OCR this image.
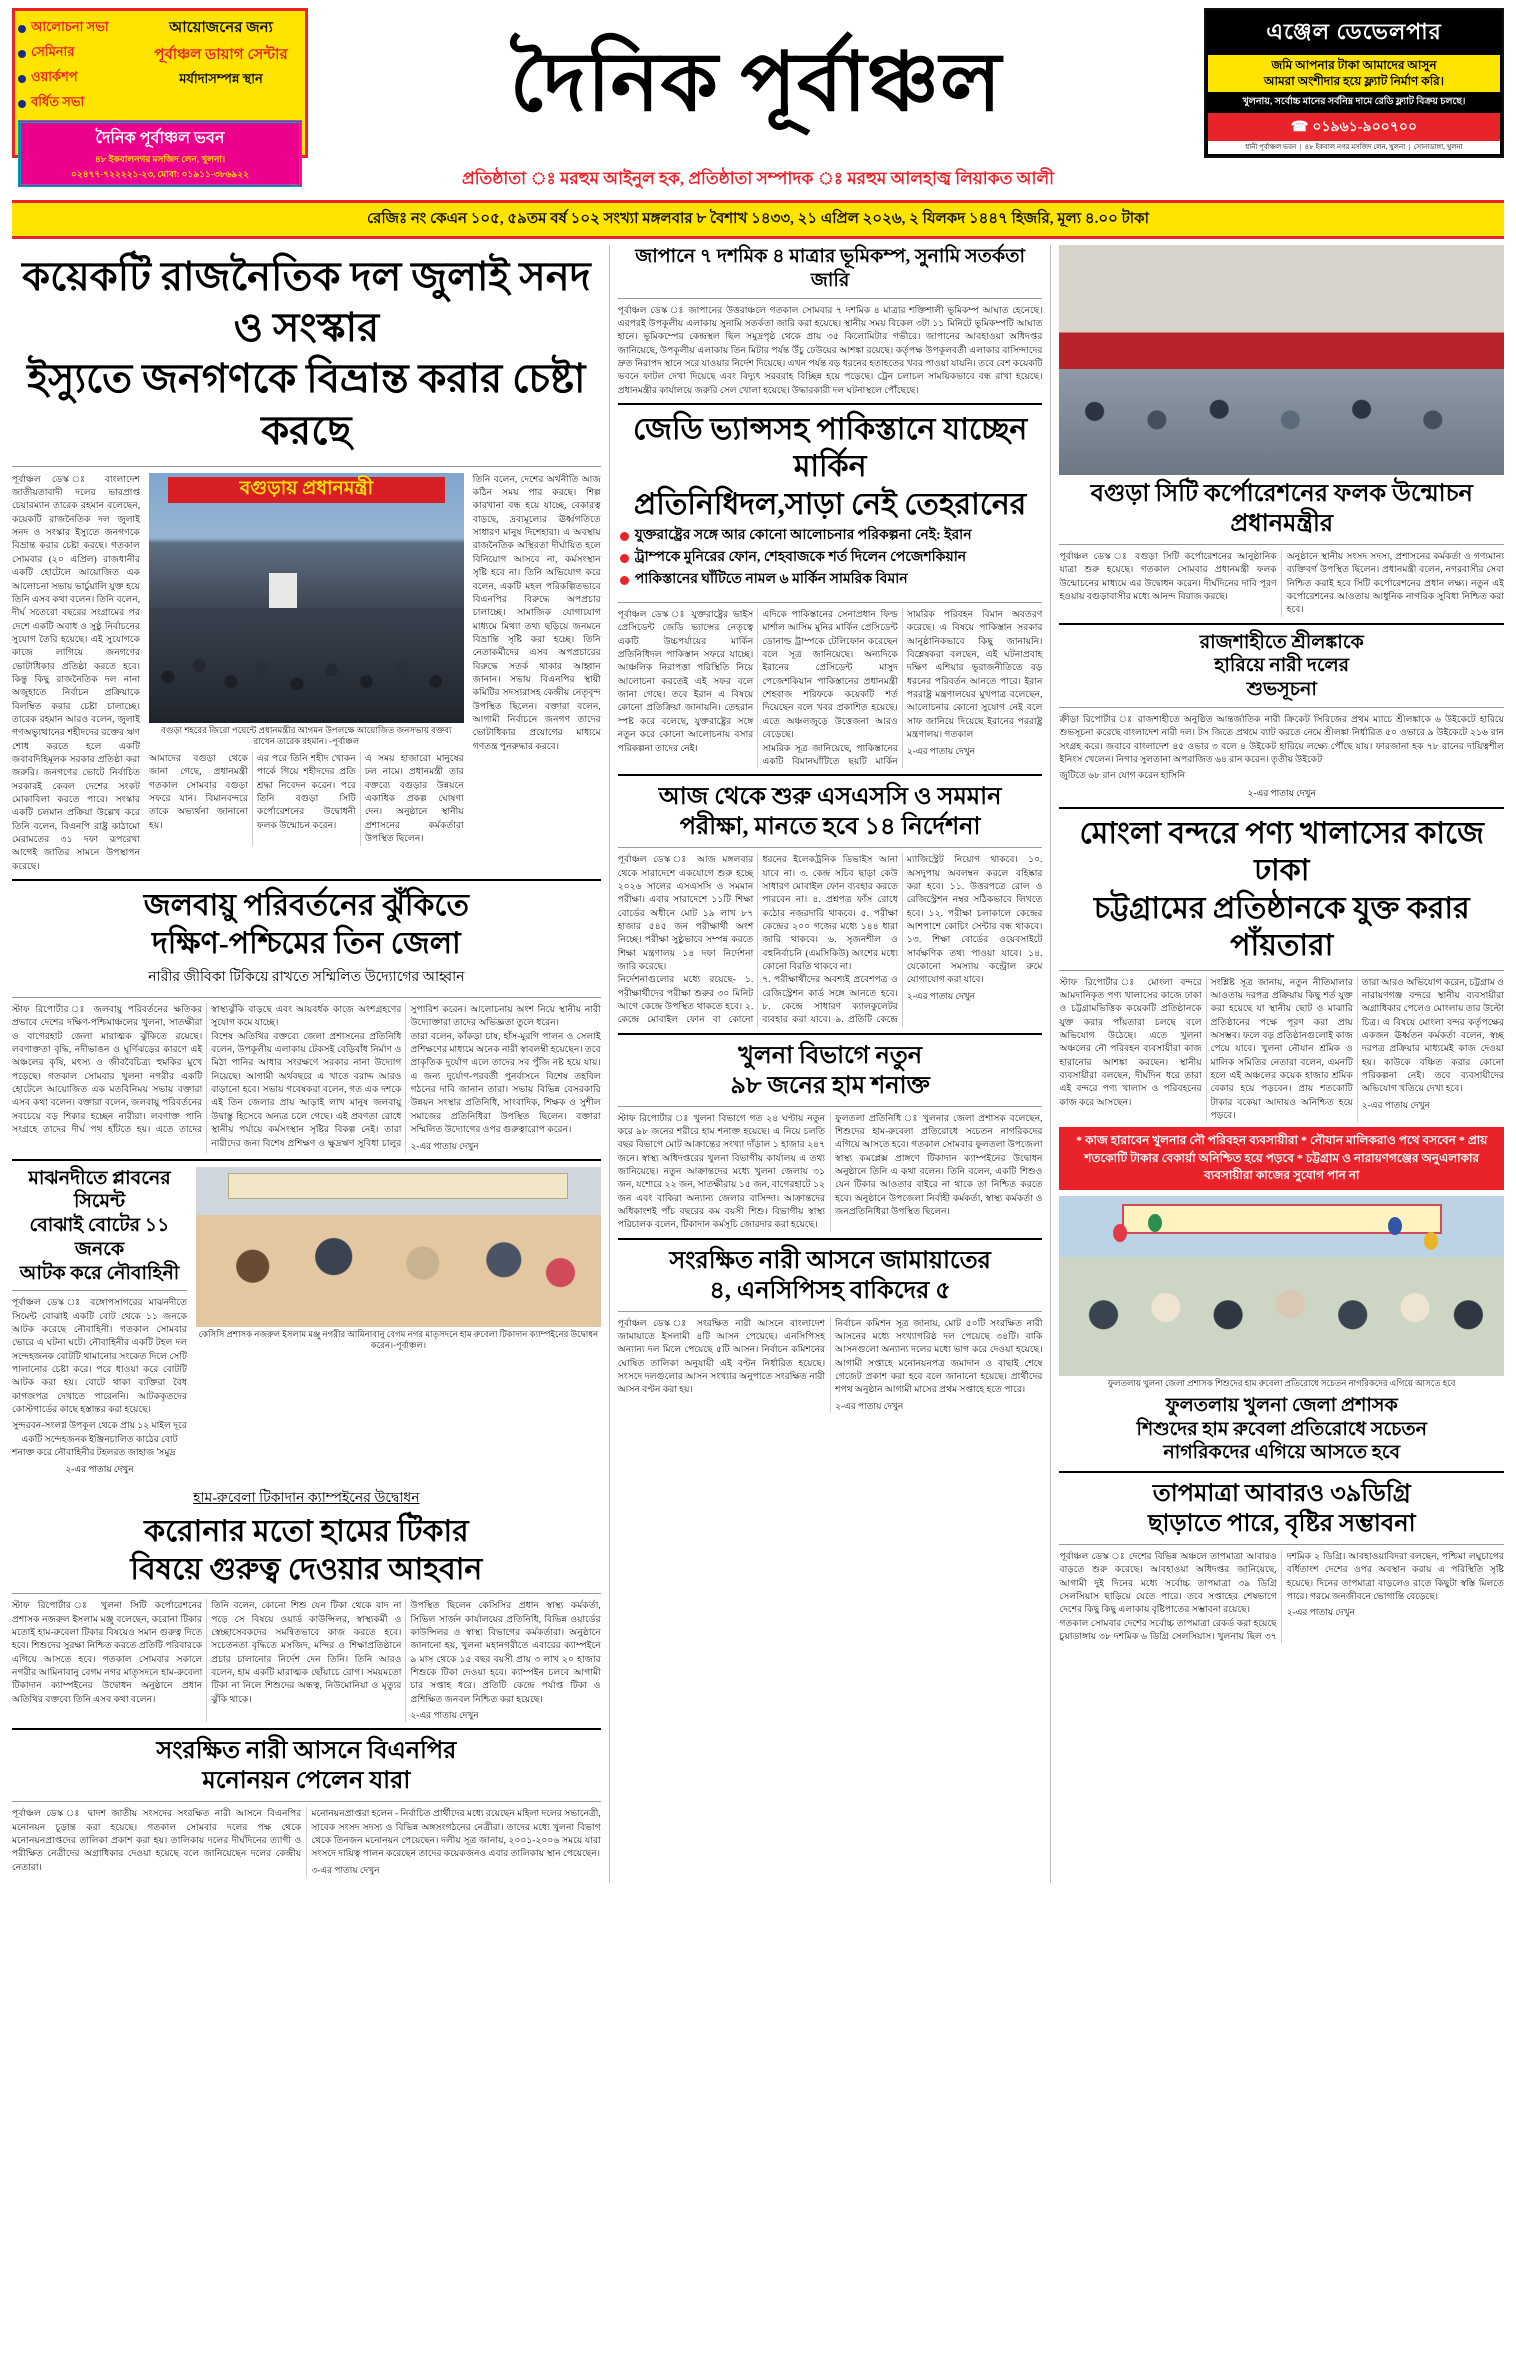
আলোচনা সভা
সেমিনার
ওয়ার্কশপ
বর্ধিত সভা
আয়োজনের জন্য
পূর্বাঞ্চল ডায়াগ সেন্টার
মর্যাদাসম্পন্ন স্থান
দৈনিক পূর্বাঞ্চল ভবন
৪৮ ইকবালনগর মসজিদ লেন, খুলনা।
০২৪৭৭-৭২২২২১-২৩, মোবা: ০১৯১১-৩৮৬৯২২
দৈনিক পূর্বাঞ্চল
এঞ্জেল ডেভেলপার
জমি আপনার টাকা আমাদের আসুন
আমরা অংশীদার হয়ে ফ্ল্যাট নির্মাণ করি।
খুলনায়, সর্বোচ্চ মানের সর্বনিম্ন দামে রেডি ফ্ল্যাট বিক্রয় চলছে।
☎ ০১৯৬১-৯০০৭০০
ধানী পূর্বাঞ্চল ভবন  |  ৪৮ ইকবাল নগর মসজিদ লেন, খুলনা  |  সোনাডাঙ্গা, খুলনা
প্রতিষ্ঠাতা ঃ মরহুম আইনুল হক, প্রতিষ্ঠাতা সম্পাদক ঃ মরহুম আলহাজ্ব লিয়াকত আলী
রেজিঃ নং কেএন ১০৫, ৫৯তম বর্ষ ১০২ সংখ্যা মঙ্গলবার ৮ বৈশাখ ১৪৩৩, ২১ এপ্রিল ২০২৬, ২ যিলকদ ১৪৪৭ হিজরি, মূল্য ৪.০০ টাকা
কয়েকটি রাজনৈতিক দল জুলাই সনদ ও সংস্কার
ইস্যুতে জনগণকে বিভ্রান্ত করার চেষ্টা করছে
পূর্বাঞ্চল ডেস্ক ঃ বাংলাদেশ জাতীয়তাবাদী দলের ভারপ্রাপ্ত চেয়ারম্যান তারেক রহমান বলেছেন, কয়েকটি রাজনৈতিক দল জুলাই সনদ ও সংস্কার ইস্যুতে জনগণকে বিভ্রান্ত করার চেষ্টা করছে। গতকাল সোমবার (২০ এপ্রিল) রাজধানীর একটি হোটেলে আয়োজিত এক আলোচনা সভায় ভার্চুয়ালি যুক্ত হয়ে তিনি এসব কথা বলেন। তিনি বলেন, দীর্ঘ সতেরো বছরের সংগ্রামের পর দেশে একটি অবাধ ও সুষ্ঠু নির্বাচনের সুযোগ তৈরি হয়েছে। এই সুযোগকে কাজে লাগিয়ে জনগণের ভোটাধিকার প্রতিষ্ঠা করতে হবে। কিন্তু কিছু রাজনৈতিক দল নানা অজুহাতে নির্বাচন প্রক্রিয়াকে বিলম্বিত করার চেষ্টা চালাচ্ছে। তারেক রহমান আরও বলেন, জুলাই গণঅভ্যুত্থানের শহীদদের রক্তের ঋণ শোধ করতে হলে একটি জবাবদিহিমূলক সরকার প্রতিষ্ঠা করা জরুরি। জনগণের ভোটে নির্বাচিত সরকারই কেবল দেশের সংকট মোকাবিলা করতে পারে। সংস্কার একটি চলমান প্রক্রিয়া উল্লেখ করে তিনি বলেন, বিএনপি রাষ্ট্র কাঠামো মেরামতের ৩১ দফা রূপরেখা আগেই জাতির সামনে উপস্থাপন করেছে।
বগুড়ায় প্রধানমন্ত্রী
বগুড়া শহরের জিরো পয়েন্টে প্রধানমন্ত্রীর আগমন উপলক্ষে আয়োজিত জনসভায় বক্তব্য রাখেন তারেক রহমান। -পূর্বাঞ্চল
আমাদের বগুড়া থেকে জানা গেছে, প্রধানমন্ত্রী গতকাল সোমবার বগুড়া সফরে যান। বিমানবন্দরে তাকে অভ্যর্থনা জানানো হয়।
এর পরে তিনি শহীদ খোকন পার্কে গিয়ে শহীদদের প্রতি শ্রদ্ধা নিবেদন করেন। পরে তিনি বগুড়া সিটি কর্পোরেশনের উদ্বোধনী ফলক উন্মোচন করেন।
এ সময় হাজারো মানুষের ঢল নামে। প্রধানমন্ত্রী তার বক্তব্যে বগুড়ার উন্নয়নে একাধিক প্রকল্প ঘোষণা দেন। অনুষ্ঠানে স্থানীয় প্রশাসনের কর্মকর্তারা উপস্থিত ছিলেন।
তিনি বলেন, দেশের অর্থনীতি আজ কঠিন সময় পার করছে। শিল্প কারখানা বন্ধ হয়ে যাচ্ছে, বেকারত্ব বাড়ছে, দ্রব্যমূল্যের ঊর্ধ্বগতিতে সাধারণ মানুষ দিশেহারা। এ অবস্থায় রাজনৈতিক অস্থিরতা দীর্ঘায়িত হলে বিনিয়োগ আসবে না, কর্মসংস্থান সৃষ্টি হবে না। তিনি অভিযোগ করে বলেন, একটি মহল পরিকল্পিতভাবে বিএনপির বিরুদ্ধে অপপ্রচার চালাচ্ছে। সামাজিক যোগাযোগ মাধ্যমে মিথ্যা তথ্য ছড়িয়ে জনমনে বিভ্রান্তি সৃষ্টি করা হচ্ছে। তিনি নেতাকর্মীদের এসব অপপ্রচারের বিরুদ্ধে সতর্ক থাকার আহ্বান জানান। সভায় বিএনপির স্থায়ী কমিটির সদস্যরাসহ কেন্দ্রীয় নেতৃবৃন্দ উপস্থিত ছিলেন। বক্তারা বলেন, আগামী নির্বাচনে জনগণ তাদের ভোটাধিকার প্রয়োগের মাধ্যমে গণতন্ত্র পুনরুদ্ধার করবে।
জলবায়ু পরিবর্তনের ঝুঁকিতে
দক্ষিণ-পশ্চিমের তিন জেলা
নারীর জীবিকা টিকিয়ে রাখতে সম্মিলিত উদ্যোগের আহ্বান
স্টাফ রিপোর্টার ঃ জলবায়ু পরিবর্তনের ক্ষতিকর প্রভাবে দেশের দক্ষিণ-পশ্চিমাঞ্চলের খুলনা, সাতক্ষীরা ও বাগেরহাট জেলা মারাত্মক ঝুঁকিতে রয়েছে। লবণাক্ততা বৃদ্ধি, নদীভাঙন ও ঘূর্ণিঝড়ের কারণে এই অঞ্চলের কৃষি, মৎস্য ও জীববৈচিত্র্য হুমকির মুখে পড়েছে। গতকাল সোমবার খুলনা নগরীর একটি হোটেলে আয়োজিত এক মতবিনিময় সভায় বক্তারা এসব কথা বলেন। বক্তারা বলেন, জলবায়ু পরিবর্তনের সবচেয়ে বড় শিকার হচ্ছেন নারীরা। লবণাক্ত পানি সংগ্রহে তাদের দীর্ঘ পথ হাঁটতে হয়। এতে তাদের স্বাস্থ্যঝুঁকি বাড়ছে এবং আয়বর্ধক কাজে অংশগ্রহণের সুযোগ কমে যাচ্ছে।
বিশেষ অতিথির বক্তব্যে জেলা প্রশাসনের প্রতিনিধি বলেন, উপকূলীয় এলাকায় টেকসই বেড়িবাঁধ নির্মাণ ও মিঠা পানির আধার সংরক্ষণে সরকার নানা উদ্যোগ নিয়েছে। আগামী অর্থবছরে এ খাতে বরাদ্দ আরও বাড়ানো হবে। সভায় গবেষকরা বলেন, গত এক দশকে এই তিন জেলার প্রায় আড়াই লাখ মানুষ জলবায়ু উদ্বাস্তু হিসেবে অন্যত্র চলে গেছে। এই প্রবণতা রোধে স্থানীয় পর্যায়ে কর্মসংস্থান সৃষ্টির বিকল্প নেই। তারা নারীদের জন্য বিশেষ প্রশিক্ষণ ও ক্ষুদ্রঋণ সুবিধা চালুর সুপারিশ করেন। আলোচনায় অংশ নিয়ে স্থানীয় নারী উদ্যোক্তারা তাদের অভিজ্ঞতা তুলে ধরেন।
তারা বলেন, কাঁকড়া চাষ, হাঁস-মুরগি পালন ও সেলাই প্রশিক্ষণের মাধ্যমে অনেক নারী স্বাবলম্বী হয়েছেন। তবে প্রাকৃতিক দুর্যোগ এলে তাদের সব পুঁজি নষ্ট হয়ে যায়। এ জন্য দুর্যোগ-পরবর্তী পুনর্বাসনে বিশেষ তহবিল গঠনের দাবি জানান তারা। সভায় বিভিন্ন বেসরকারি উন্নয়ন সংস্থার প্রতিনিধি, সাংবাদিক, শিক্ষক ও সুশীল সমাজের প্রতিনিধিরা উপস্থিত ছিলেন। বক্তারা সম্মিলিত উদ্যোগের ওপর গুরুত্বারোপ করেন।
২-এর পাতায় দেখুন
মাঝনদীতে প্লাবনের সিমেন্ট
বোঝাই বোটের ১১ জনকে
আটক করে নৌবাহিনী
পূর্বাঞ্চল ডেস্ক ঃ বঙ্গোপসাগরের মাঝনদীতে সিমেন্ট বোঝাই একটি বোট থেকে ১১ জনকে আটক করেছে নৌবাহিনী। গতকাল সোমবার ভোরে এ ঘটনা ঘটে। নৌবাহিনীর একটি টহল দল সন্দেহজনক বোটটি থামানোর সংকেত দিলে সেটি পালানোর চেষ্টা করে। পরে ধাওয়া করে বোটটি আটক করা হয়। বোটে থাকা ব্যক্তিরা বৈধ কাগজপত্র দেখাতে পারেননি। আটককৃতদের কোস্টগার্ডের কাছে হস্তান্তর করা হয়েছে।
সুন্দরবন-সংলগ্ন উপকূল থেকে প্রায় ১২ মাইল দূরে একটি সন্দেহজনক ইঞ্জিনচালিত কাঠের বোট শনাক্ত করে নৌবাহিনীর টহলরত জাহাজ 'সমুদ্র
২-এর পাতায় দেখুন
কেসিসি প্রশাসক নজরুল ইসলাম মঞ্জু নগরীর আমিনাবানু বেগম নগর মাতৃসদনে হাম রুবেলা টিকাদান ক্যাম্পইনের উদ্বোধন করেন।-পূর্বাঞ্চল।
হাম-রুবেলা টিকাদান ক্যাম্পইনের উদ্বোধন
করোনার মতো হামের টিকার
বিষয়ে গুরুত্ব দেওয়ার আহবান
স্টাফ রিপোর্টার ঃ খুলনা সিটি কর্পোরেশনের প্রশাসক নজরুল ইসলাম মঞ্জু বলেছেন, করোনা টিকার মতোই হাম-রুবেলা টিকার বিষয়েও সমান গুরুত্ব দিতে হবে। শিশুদের সুরক্ষা নিশ্চিত করতে প্রতিটি পরিবারকে এগিয়ে আসতে হবে। গতকাল সোমবার সকালে নগরীর আমিনাবানু বেগম নগর মাতৃসদনে হাম-রুবেলা টিকাদান ক্যাম্পইনের উদ্বোধন অনুষ্ঠানে প্রধান অতিথির বক্তব্যে তিনি এসব কথা বলেন।
তিনি বলেন, কোনো শিশু যেন টিকা থেকে বাদ না পড়ে সে বিষয়ে ওয়ার্ড কাউন্সিলর, স্বাস্থ্যকর্মী ও স্বেচ্ছাসেবকদের সমন্বিতভাবে কাজ করতে হবে। সচেতনতা বৃদ্ধিতে মসজিদ, মন্দির ও শিক্ষাপ্রতিষ্ঠানে প্রচার চালানোর নির্দেশ দেন তিনি। তিনি আরও বলেন, হাম একটি মারাত্মক ছোঁয়াচে রোগ। সময়মতো টিকা না নিলে শিশুদের অন্ধত্ব, নিউমোনিয়া ও মৃত্যুর ঝুঁকি থাকে।
উপস্থিত ছিলেন কেসিসির প্রধান স্বাস্থ্য কর্মকর্তা, সিভিল সার্জন কার্যালয়ের প্রতিনিধি, বিভিন্ন ওয়ার্ডের কাউন্সিলর ও স্বাস্থ্য বিভাগের কর্মকর্তারা। অনুষ্ঠানে জানানো হয়, খুলনা মহানগরীতে এবারের ক্যাম্পইনে ৯ মাস থেকে ১৫ বছর বয়সী প্রায় ৩ লাখ ২০ হাজার শিশুকে টিকা দেওয়া হবে। ক্যাম্পইন চলবে আগামী চার সপ্তাহ ধরে। প্রতিটি কেন্দ্রে পর্যাপ্ত টিকা ও প্রশিক্ষিত জনবল নিশ্চিত করা হয়েছে।
২-এর পাতায় দেখুন
সংরক্ষিত নারী আসনে বিএনপির
মনোনয়ন পেলেন যারা
পূর্বাঞ্চল ডেস্ক ঃ দ্বাদশ জাতীয় সংসদের সংরক্ষিত নারী আসনে বিএনপির মনোনয়ন চূড়ান্ত করা হয়েছে। গতকাল সোমবার দলের পক্ষ থেকে মনোনয়নপ্রাপ্তদের তালিকা প্রকাশ করা হয়। তালিকায় দলের দীর্ঘদিনের ত্যাগী ও পরীক্ষিত নেত্রীদের অগ্রাধিকার দেওয়া হয়েছে বলে জানিয়েছেন দলের কেন্দ্রীয় নেতারা।
মনোনয়নপ্রাপ্তরা হলেন - নির্বাচিত প্রার্থীদের মধ্যে রয়েছেন মহিলা দলের সভানেত্রী, সাবেক সংসদ সদস্য ও বিভিন্ন অঙ্গসংগঠনের নেত্রীরা। তাদের মধ্যে খুলনা বিভাগ থেকে তিনজন মনোনয়ন পেয়েছেন। দলীয় সূত্র জানায়, ২০০১-২০০৬ সময়ে যারা সংসদে দায়িত্ব পালন করেছেন তাদের কয়েকজনও এবার তালিকায় স্থান পেয়েছেন।
৩-এর পাতায় দেখুন
জাপানে ৭ দশমিক ৪ মাত্রার ভূমিকম্প, সুনামি সতর্কতা জারি
পূর্বাঞ্চল ডেস্ক ঃ জাপানের উত্তরাঞ্চলে গতকাল সোমবার ৭ দশমিক ৪ মাত্রার শক্তিশালী ভূমিকম্প আঘাত হেনেছে। এরপরই উপকূলীয় এলাকায় সুনামি সতর্কতা জারি করা হয়েছে। স্থানীয় সময় বিকেল ৩টা ১১ মিনিটে ভূমিকম্পটি আঘাত হানে। ভূমিকম্পের কেন্দ্রস্থল ছিল সমুদ্রপৃষ্ঠ থেকে প্রায় ৩৫ কিলোমিটার গভীরে। জাপানের আবহাওয়া অধিদপ্তর জানিয়েছে, উপকূলীয় এলাকায় তিন মিটার পর্যন্ত উঁচু ঢেউয়ের আশঙ্কা রয়েছে। কর্তৃপক্ষ উপকূলবর্তী এলাকার বাসিন্দাদের দ্রুত নিরাপদ স্থানে সরে যাওয়ার নির্দেশ দিয়েছে। এখন পর্যন্ত বড় ধরনের হতাহতের খবর পাওয়া যায়নি। তবে বেশ কয়েকটি ভবনে ফাটল দেখা দিয়েছে এবং বিদ্যুৎ সরবরাহ বিচ্ছিন্ন হয়ে পড়েছে। ট্রেন চলাচল সাময়িকভাবে বন্ধ রাখা হয়েছে। প্রধানমন্ত্রীর কার্যালয়ে জরুরি সেল খোলা হয়েছে। উদ্ধারকারী দল ঘটনাস্থলে পৌঁছেছে।
জেডি ভ্যান্সসহ পাকিস্তানে যাচ্ছেন মার্কিন
প্রতিনিধিদল,সাড়া নেই তেহরানের
যুক্তরাষ্ট্রের সঙ্গে আর কোনো আলোচনার পরিকল্পনা নেই: ইরান
ট্রাম্পকে মুনিরের ফোন, শেহবাজকে শর্ত দিলেন পেজেশকিয়ান
পাকিস্তানের ঘাঁটিতে নামল ৬ মার্কিন সামরিক বিমান
পূর্বাঞ্চল ডেস্ক ঃ যুক্তরাষ্ট্রের ভাইস প্রেসিডেন্ট জেডি ভ্যান্সের নেতৃত্বে একটি উচ্চপর্যায়ের মার্কিন প্রতিনিধিদল পাকিস্তান সফরে যাচ্ছে। আঞ্চলিক নিরাপত্তা পরিস্থিতি নিয়ে আলোচনা করতেই এই সফর বলে জানা গেছে। তবে ইরান এ বিষয়ে কোনো প্রতিক্রিয়া জানায়নি। তেহরান স্পষ্ট করে বলেছে, যুক্তরাষ্ট্রের সঙ্গে নতুন করে কোনো আলোচনায় বসার পরিকল্পনা তাদের নেই।
এদিকে পাকিস্তানের সেনাপ্রধান ফিল্ড মার্শাল আসিম মুনির মার্কিন প্রেসিডেন্ট ডোনাল্ড ট্রাম্পকে টেলিফোন করেছেন বলে সূত্র জানিয়েছে। অন্যদিকে ইরানের প্রেসিডেন্ট মাসুদ পেজেশকিয়ান পাকিস্তানের প্রধানমন্ত্রী শেহবাজ শরিফকে কয়েকটি শর্ত দিয়েছেন বলে খবর প্রকাশিত হয়েছে। এতে অঞ্চলজুড়ে উত্তেজনা আরও বেড়েছে।
সামরিক সূত্র জানিয়েছে, পাকিস্তানের একটি বিমানঘাঁটিতে ছয়টি মার্কিন সামরিক পরিবহন বিমান অবতরণ করেছে। এ বিষয়ে পাকিস্তান সরকার আনুষ্ঠানিকভাবে কিছু জানায়নি। বিশ্লেষকরা বলছেন, এই ঘটনাপ্রবাহ দক্ষিণ এশিয়ার ভূরাজনীতিতে বড় ধরনের পরিবর্তন আনতে পারে। ইরান পররাষ্ট্র মন্ত্রণালয়ের মুখপাত্র বলেছেন, আলোচনার কোনো সুযোগ নেই বলে সাফ জানিয়ে দিয়েছে ইরানের পররাষ্ট্র মন্ত্রণালয়। গতকাল
২-এর পাতায় দেখুন
আজ থেকে শুরু এসএসসি ও সমমান
পরীক্ষা, মানতে হবে ১৪ নির্দেশনা
পূর্বাঞ্চল ডেস্ক ঃ আজ মঙ্গলবার থেকে সারাদেশে একযোগে শুরু হচ্ছে ২০২৬ সালের এসএসসি ও সমমান পরীক্ষা। এবার সারাদেশে ১১টি শিক্ষা বোর্ডের অধীনে মোট ১৯ লাখ ৮৭ হাজার ৫৪৫ জন পরীক্ষার্থী অংশ নিচ্ছে। পরীক্ষা সুষ্ঠুভাবে সম্পন্ন করতে শিক্ষা মন্ত্রণালয় ১৪ দফা নির্দেশনা জারি করেছে।
নির্দেশনাগুলোর মধ্যে রয়েছে- ১. পরীক্ষার্থীদের পরীক্ষা শুরুর ৩০ মিনিট আগে কেন্দ্রে উপস্থিত থাকতে হবে। ২. কেন্দ্রে মোবাইল ফোন বা কোনো ধরনের ইলেকট্রনিক ডিভাইস আনা যাবে না। ৩. কেন্দ্র সচিব ছাড়া কেউ সাধারণ মোবাইল ফোন ব্যবহার করতে পারবেন না। ৪. প্রশ্নপত্র ফাঁস রোধে কঠোর নজরদারি থাকবে। ৫. পরীক্ষা কেন্দ্রের ২০০ গজের মধ্যে ১৪৪ ধারা জারি থাকবে। ৬. সৃজনশীল ও বহুনির্বাচনি (এমসিকিউ) অংশের মধ্যে কোনো বিরতি থাকবে না।
৭. পরীক্ষার্থীদের অবশ্যই প্রবেশপত্র ও রেজিস্ট্রেশন কার্ড সঙ্গে আনতে হবে। ৮. কেন্দ্রে সাধারণ ক্যালকুলেটর ব্যবহার করা যাবে। ৯. প্রতিটি কেন্দ্রে ম্যাজিস্ট্রেট নিয়োগ থাকবে। ১০. অসদুপায় অবলম্বন করলে বহিষ্কার করা হবে। ১১. উত্তরপত্রে রোল ও রেজিস্ট্রেশন নম্বর সঠিকভাবে লিখতে হবে। ১২. পরীক্ষা চলাকালে কেন্দ্রের আশপাশে কোচিং সেন্টার বন্ধ থাকবে। ১৩. শিক্ষা বোর্ডের ওয়েবসাইটে সার্বক্ষণিক তথ্য পাওয়া যাবে। ১৪. যেকোনো সমস্যায় কন্ট্রোল রুমে যোগাযোগ করা যাবে।
২-এর পাতায় দেখুন
খুলনা বিভাগে নতুন
৯৮ জনের হাম শনাক্ত
স্টাফ রিপোর্টার ঃ খুলনা বিভাগে গত ২৪ ঘণ্টায় নতুন করে ৯৮ জনের শরীরে হাম শনাক্ত হয়েছে। এ নিয়ে চলতি বছর বিভাগে মোট আক্রান্তের সংখ্যা দাঁড়াল ১ হাজার ২৪৭ জনে। স্বাস্থ্য অধিদপ্তরের খুলনা বিভাগীয় কার্যালয় এ তথ্য জানিয়েছে। নতুন আক্রান্তদের মধ্যে খুলনা জেলায় ৩১ জন, যশোরে ২২ জন, সাতক্ষীরায় ১৫ জন, বাগেরহাটে ১২ জন এবং বাকিরা অন্যান্য জেলার বাসিন্দা। আক্রান্তদের অধিকাংশই পাঁচ বছরের কম বয়সী শিশু। বিভাগীয় স্বাস্থ্য পরিচালক বলেন, টিকাদান কর্মসূচি জোরদার করা হয়েছে।
ফুলতলা প্রতিনিধি ঃ খুলনার জেলা প্রশাসক বলেছেন, শিশুদের হাম-রুবেলা প্রতিরোধে সচেতন নাগরিকদের এগিয়ে আসতে হবে। গতকাল সোমবার ফুলতলা উপজেলা স্বাস্থ্য কমপ্লেক্স প্রাঙ্গণে টিকাদান ক্যাম্পইনের উদ্বোধন অনুষ্ঠানে তিনি এ কথা বলেন। তিনি বলেন, একটি শিশুও যেন টিকার আওতার বাইরে না থাকে তা নিশ্চিত করতে হবে। অনুষ্ঠানে উপজেলা নির্বাহী কর্মকর্তা, স্বাস্থ্য কর্মকর্তা ও জনপ্রতিনিধিরা উপস্থিত ছিলেন।
সংরক্ষিত নারী আসনে জামায়াতের
৪, এনসিপিসহ বাকিদের ৫
পূর্বাঞ্চল ডেস্ক ঃ সংরক্ষিত নারী আসনে বাংলাদেশ জামায়াতে ইসলামী ৪টি আসন পেয়েছে। এনসিপিসহ অন্যান্য দল মিলে পেয়েছে ৫টি আসন। নির্বাচন কমিশনের ঘোষিত তালিকা অনুযায়ী এই বণ্টন নির্ধারিত হয়েছে। সংসদে দলগুলোর আসন সংখ্যার অনুপাতে সংরক্ষিত নারী আসন বণ্টন করা হয়।
নির্বাচন কমিশন সূত্র জানায়, মোট ৫০টি সংরক্ষিত নারী আসনের মধ্যে সংখ্যাগরিষ্ঠ দল পেয়েছে ৩৪টি। বাকি আসনগুলো অন্যান্য দলের মধ্যে ভাগ করে দেওয়া হয়েছে। আগামী সপ্তাহে মনোনয়নপত্র জমাদান ও বাছাই শেষে গেজেট প্রকাশ করা হবে বলে জানানো হয়েছে। প্রার্থীদের শপথ অনুষ্ঠান আগামী মাসের প্রথম সপ্তাহে হতে পারে।
২-এর পাতায় দেখুন
বগুড়া সিটি কর্পোরেশনের ফলক উন্মোচন প্রধানমন্ত্রীর
পূর্বাঞ্চল ডেস্ক ঃ বগুড়া সিটি কর্পোরেশনের আনুষ্ঠানিক যাত্রা শুরু হয়েছে। গতকাল সোমবার প্রধানমন্ত্রী ফলক উন্মোচনের মাধ্যমে এর উদ্বোধন করেন। দীর্ঘদিনের দাবি পূরণ হওয়ায় বগুড়াবাসীর মধ্যে আনন্দ বিরাজ করছে।
অনুষ্ঠানে স্থানীয় সংসদ সদস্য, প্রশাসনের কর্মকর্তা ও গণ্যমান্য ব্যক্তিবর্গ উপস্থিত ছিলেন। প্রধানমন্ত্রী বলেন, নগরবাসীর সেবা নিশ্চিত করাই হবে সিটি কর্পোরেশনের প্রধান লক্ষ্য। নতুন এই কর্পোরেশনের আওতায় আধুনিক নাগরিক সুবিধা নিশ্চিত করা হবে।
রাজশাহীতে শ্রীলঙ্কাকে
হারিয়ে নারী দলের
শুভসূচনা
ক্রীড়া রিপোর্টার ঃ রাজশাহীতে অনুষ্ঠিত আন্তর্জাতিক নারী ক্রিকেট সিরিজের প্রথম ম্যাচে শ্রীলঙ্কাকে ৬ উইকেটে হারিয়ে শুভসূচনা করেছে বাংলাদেশ নারী দল। টস জিতে প্রথমে ব্যাট করতে নেমে শ্রীলঙ্কা নির্ধারিত ৫০ ওভারে ৯ উইকেটে ২১৬ রান সংগ্রহ করে। জবাবে বাংলাদেশ ৪৫ ওভার ৩ বলে ৪ উইকেট হারিয়ে লক্ষ্যে পৌঁছে যায়। ফারজানা হক ৭৮ রানের দায়িত্বশীল ইনিংস খেলেন। নিগার সুলতানা অপরাজিত ৬৪ রান করেন। তৃতীয় উইকেট
জুটিতে ৬৮ রান যোগ করেন হাসিনি
২-এর পাতায় দেখুন
মোংলা বন্দরে পণ্য খালাসের কাজে ঢাকা
চট্টগ্রামের প্রতিষ্ঠানকে যুক্ত করার পাঁয়তারা
স্টাফ রিপোর্টার ঃ মোংলা বন্দরে আমদানিকৃত পণ্য খালাসের কাজে ঢাকা ও চট্টগ্রামভিত্তিক কয়েকটি প্রতিষ্ঠানকে যুক্ত করার পাঁয়তারা চলছে বলে অভিযোগ উঠেছে। এতে খুলনা অঞ্চলের নৌ পরিবহন ব্যবসায়ীরা কাজ হারানোর আশঙ্কা করছেন। স্থানীয় ব্যবসায়ীরা বলছেন, দীর্ঘদিন ধরে তারা এই বন্দরে পণ্য খালাস ও পরিবহনের কাজ করে আসছেন।
সংশ্লিষ্ট সূত্র জানায়, নতুন নীতিমালার আওতায় দরপত্র প্রক্রিয়ায় কিছু শর্ত যুক্ত করা হয়েছে যা স্থানীয় ছোট ও মাঝারি প্রতিষ্ঠানের পক্ষে পূরণ করা প্রায় অসম্ভব। ফলে বড় প্রতিষ্ঠানগুলোই কাজ পেয়ে যাবে। খুলনা নৌযান শ্রমিক ও মালিক সমিতির নেতারা বলেন, এমনটি হলে এই অঞ্চলের কয়েক হাজার শ্রমিক বেকার হয়ে পড়বেন। প্রায় শতকোটি টাকার বকেয়া আদায়ও অনিশ্চিত হয়ে পড়বে।
তারা আরও অভিযোগ করেন, চট্টগ্রাম ও নারায়ণগঞ্জ বন্দরে স্থানীয় ব্যবসায়ীরা অগ্রাধিকার পেলেও মোংলায় তার উল্টো চিত্র। এ বিষয়ে মোংলা বন্দর কর্তৃপক্ষের একজন ঊর্ধ্বতন কর্মকর্তা বলেন, স্বচ্ছ দরপত্র প্রক্রিয়ার মাধ্যমেই কাজ দেওয়া হয়। কাউকে বঞ্চিত করার কোনো পরিকল্পনা নেই। তবে ব্যবসায়ীদের অভিযোগ খতিয়ে দেখা হবে।
২-এর পাতায় দেখুন
* কাজ হারাবেন খুলনার নৌ পরিবহন ব্যবসায়ীরা * নৌযান মালিকরাও পথে বসবেন * প্রায় শতকোটি টাকার বেকার্য়া অনিশ্চিত হয়ে পড়বে * চট্টগ্রাম ও নারায়ণগঞ্জের অনুএলাকার ব্যবসায়ীরা কাজের সুযোগ পান না
ফুলতলায় খুলনা জেলা প্রশাসক শিশুদের হাম রুবেলা প্রতিরোধে সচেতন নাগরিকদের এগিয়ে আসতে হবে
ফুলতলায় খুলনা জেলা প্রশাসক
শিশুদের হাম রুবেলা প্রতিরোধে সচেতন
নাগরিকদের এগিয়ে আসতে হবে
তাপমাত্রা আবারও ৩৯ডিগ্রি
ছাড়াতে পারে, বৃষ্টির সম্ভাবনা
পূর্বাঞ্চল ডেস্ক ঃ দেশের বিভিন্ন অঞ্চলে তাপমাত্রা আবারও বাড়তে শুরু করেছে। আবহাওয়া অধিদপ্তর জানিয়েছে, আগামী দুই দিনের মধ্যে সর্বোচ্চ তাপমাত্রা ৩৯ ডিগ্রি সেলসিয়াস ছাড়িয়ে যেতে পারে। তবে সপ্তাহের শেষভাগে দেশের কিছু কিছু এলাকায় বৃষ্টিপাতের সম্ভাবনা রয়েছে।
গতকাল সোমবার দেশের সর্বোচ্চ তাপমাত্রা রেকর্ড করা হয়েছে চুয়াডাঙ্গায় ৩৮ দশমিক ৬ ডিগ্রি সেলসিয়াস। খুলনায় ছিল ৩৭ দশমিক ২ ডিগ্রি। আবহাওয়াবিদরা বলছেন, পশ্চিমা লঘুচাপের বর্ধিতাংশ দেশের ওপর অবস্থান করায় এ পরিস্থিতি সৃষ্টি হয়েছে। দিনের তাপমাত্রা বাড়লেও রাতে কিছুটা স্বস্তি মিলতে পারে। গরমে জনজীবনে ভোগান্তি বেড়েছে।
২-এর পাতায় দেখুন
